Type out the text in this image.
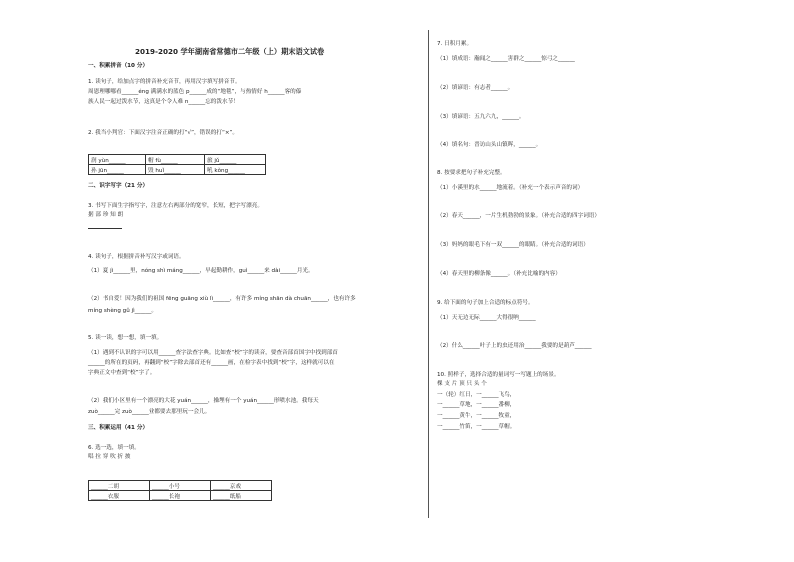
2019-2020 学年湖南省常德市二年级（上）期末语文试卷
一、积累拼音（10 分）
1. 读句子，给加点字的拼音补充音节，再用汉字填写拼音节。
周恩理哪哪看______éng 满满水的蓝色 p______成的“地毯”，与热情好 h______客的傣
族人民一起过泼水节，这真是个令人难 n______忘的泼水节！
2. 我当小判官：下面汉字注音正确的打“√”，错误的打“×”。
润 yùn______	帽 fù______	旅 jǔ______
孙 jūn______	毁 huǐ______	吼 kǒng______
二、识字写字（21 分）
3. 书写下面生字指写字，注意左右两部分的宽窄，长短，把字写漂亮。
据 部 珍 知 朗
4. 读句子，根据拼音补写汉字或词语。
（1）夏 jì______里，nóng shì máng______，早起勤耕作，guì______来 dài______月光。
（2）书自爱！因为我们的祖国 fēng guāng xiù lì______，有许多 míng shān dà chuān______，也有许多
míng shèng gǔ jì______。
5. 读一读，想一想，填一填。
（1）遇到不认识的字可以用______查字法查字典。比如查“校”字的读音，要查音部首国字中找到部首
______的所在的页码，再翻到“校”字除去部首还有______画，在检字表中找到“校”字，这样就可以在
字典正文中查到“校”字了。
（2）我们小区里有一个漂亮的大花 yuán______，操埋有一个 yuán______形喷水池。我每天
zuò______完 zuò______业都要去那里玩一会儿。
三、积累运用（41 分）
6. 选一选，填一填。
唱 拉 穿 吹 折 披
______二胡	______小号	______京戏
______衣服	______长袍	______纸船
7. 日积月累。
（1）填成语：瀚闻之______害群之______惊弓之______
（2）填谚语：有志者______。
（3）填谚语：五九六九，______。
（4）填名句：晋访山头山镇晖，______。
8. 按要求把句子补充完整。
（1）小溪里的水______地流着。（补充一个表示声音的词）
（2）春天______，一片生机勃勃的景象。（补充合适的四字词语）
（3）妈妈的眼毛下有一双______的眼睛。（补充合适的词语）
（4）春天里的柳条像______。（补充比喻的内容）
9. 给下面的句子加上合适的标点符号。
（1）天无边无际______大得很呐______
（2）什么______叶子上的虫还用治______我要的是葫芦______
10. 照样子，选择合适的量词写一写题上的场景。
棵 支 片 顶 只 头 个
一（轮）红日，一______飞鸟，
一______草地，一______番柳，
一______黄牛，一______牧童，
一______竹笛，一______草帽。
